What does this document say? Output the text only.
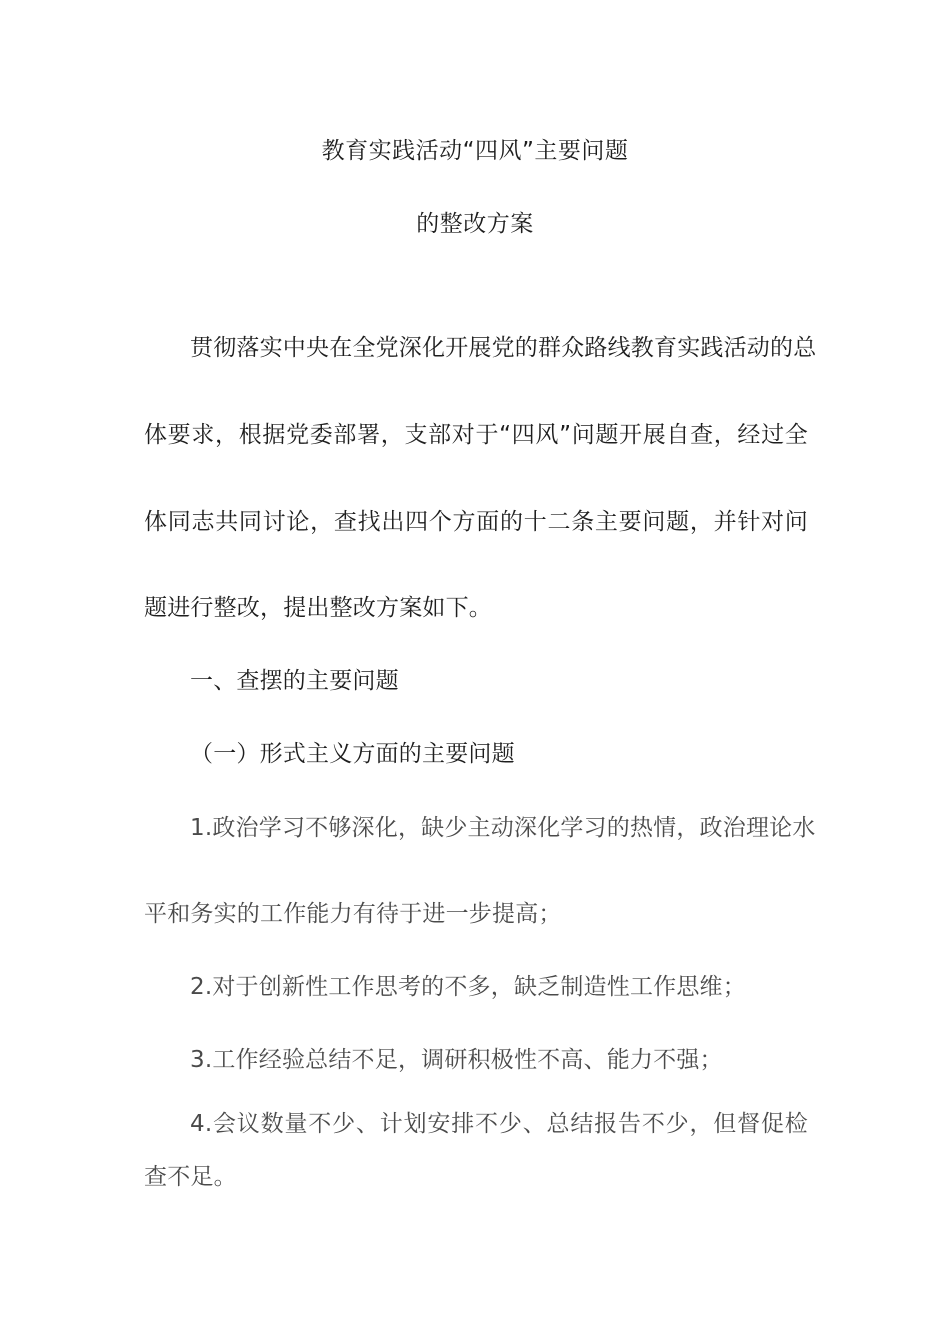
教育实践活动“四风”主要问题
的整改方案
贯彻落实中央在全党深化开展党的群众路线教育实践活动的总
体要求，根据党委部署，支部对于“四风”问题开展自查，经过全
体同志共同讨论，查找出四个方面的十二条主要问题，并针对问
题进行整改，提出整改方案如下。
一、查摆的主要问题
（一）形式主义方面的主要问题
1.政治学习不够深化，缺少主动深化学习的热情，政治理论水
平和务实的工作能力有待于进一步提高；
2.对于创新性工作思考的不多，缺乏制造性工作思维；
3.工作经验总结不足，调研积极性不高、能力不强；
4.会议数量不少、计划安排不少、总结报告不少，但督促检
查不足。
